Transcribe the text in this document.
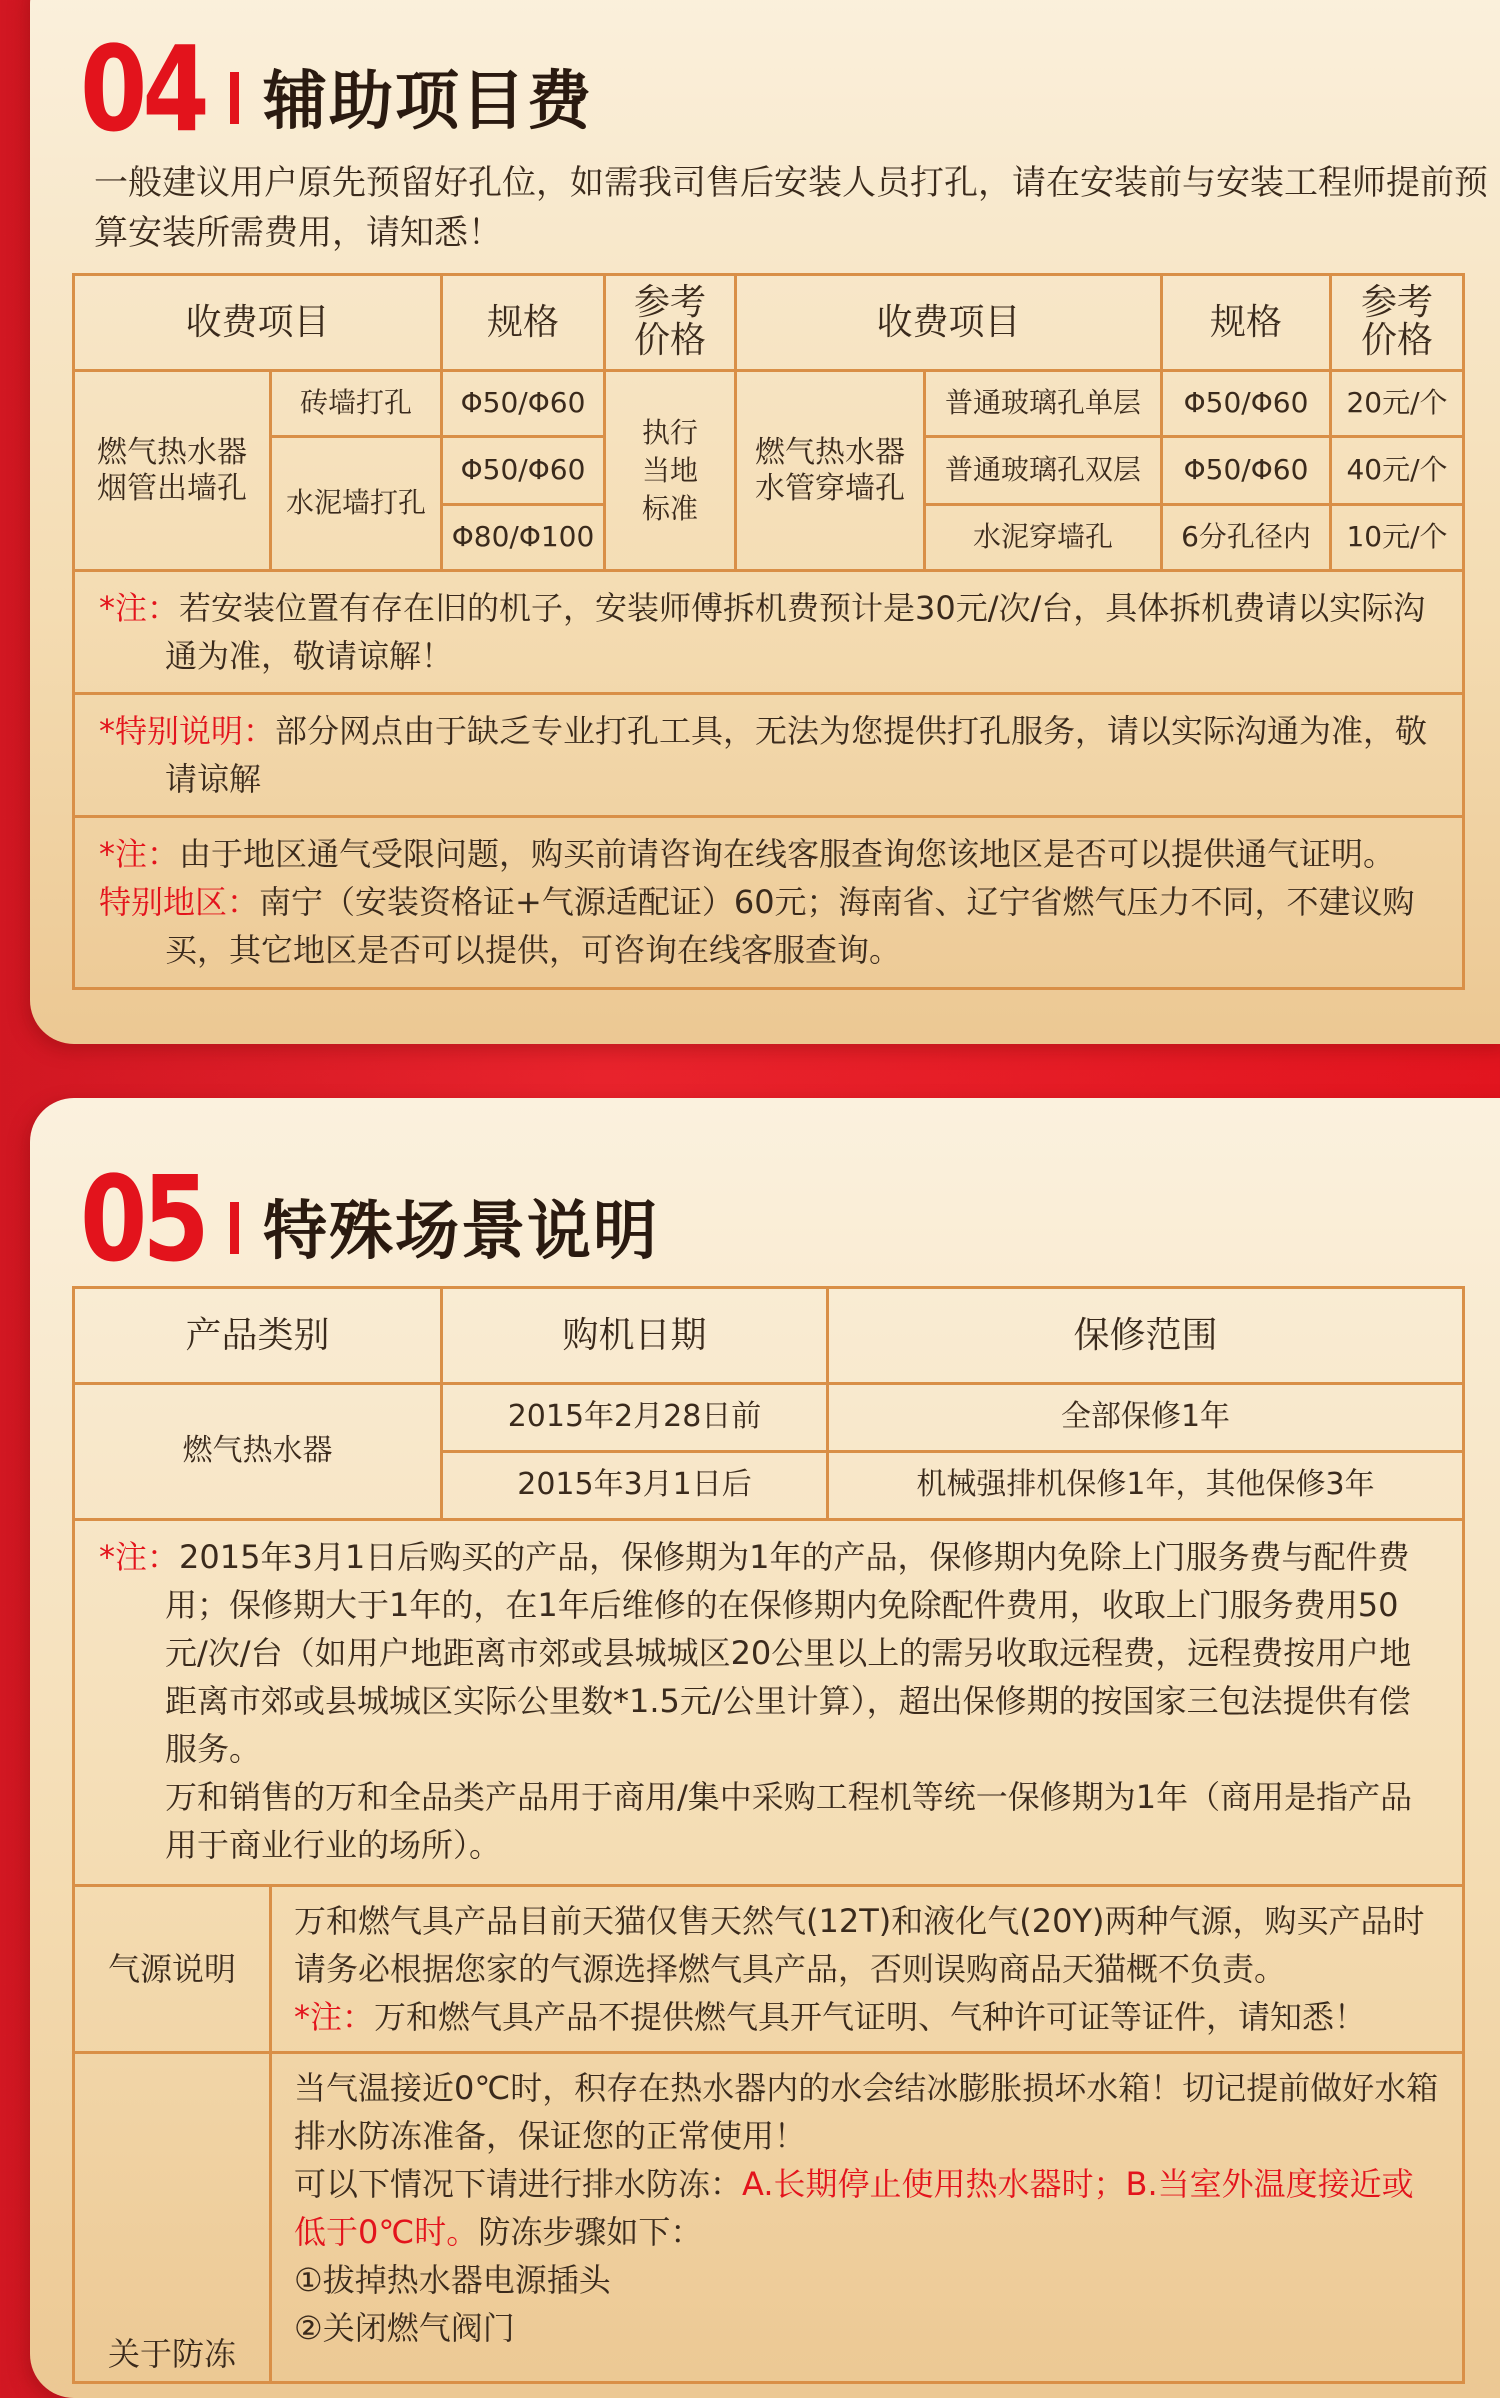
04 辅助项目费
一般建议用户原先预留好孔位，如需我司售后安装人员打孔，请在安装前与安装工程师提前预算安装所需费用，请知悉！
收费项目		规格	参考价格	收费项目		规格	参考价格
燃气热水器烟管出墙孔	砖墙打孔	Φ50/Φ60	执行当地标准	燃气热水器水管穿墙孔	普通玻璃孔单层	Φ50/Φ60	20元/个
	水泥墙打孔	Φ50/Φ60			普通玻璃孔双层	Φ50/Φ60	40元/个
		Φ80/Φ100			水泥穿墙孔	6分孔径内	10元/个

*注：若安装位置有存在旧的机子，安装师傅拆机费预计是30元/次/台，具体拆机费请以实际沟通为准，敬请谅解！							

*特别说明：部分网点由于缺乏专业打孔工具，无法为您提供打孔服务，请以实际沟通为准，敬请谅解							

*注：由于地区通气受限问题，购买前请咨询在线客服查询您该地区是否可以提供通气证明。
特别地区：南宁（安装资格证+气源适配证）60元；海南省、辽宁省燃气压力不同，不建议购买，其它地区是否可以提供，可咨询在线客服查询。							
05 特殊场景说明
产品类别		购机日期	保修范围
燃气热水器		2015年2月28日前	全部保修1年
		2015年3月1日后	机械强排机保修1年，其他保修3年

*注：2015年3月1日后购买的产品，保修期为1年的产品，保修期内免除上门服务费与配件费用；保修期大于1年的，在1年后维修的在保修期内免除配件费用，收取上门服务费用50元/次/台（如用户地距离市郊或县城城区20公里以上的需另收取远程费，远程费按用户地距离市郊或县城城区实际公里数*1.5元/公里计算），超出保修期的按国家三包法提供有偿服务。
万和销售的万和全品类产品用于商用/集中采购工程机等统一保修期为1年（商用是指产品用于商业行业的场所）。			

气源说明	万和燃气具产品目前天猫仅售天然气(12T)和液化气(20Y)两种气源，购买产品时请务必根据您家的气源选择燃气具产品，否则误购商品天猫概不负责。
*注：万和燃气具产品不提供燃气具开气证明、气种许可证等证件，请知悉！		
关于防冻	当气温接近0℃时，积存在热水器内的水会结冰膨胀损坏水箱！切记提前做好水箱排水防冻准备，保证您的正常使用！
可以下情况下请进行排水防冻：A.长期停止使用热水器时；B.当室外温度接近或低于0℃时。防冻步骤如下：
①拔掉热水器电源插头
②关闭燃气阀门		
